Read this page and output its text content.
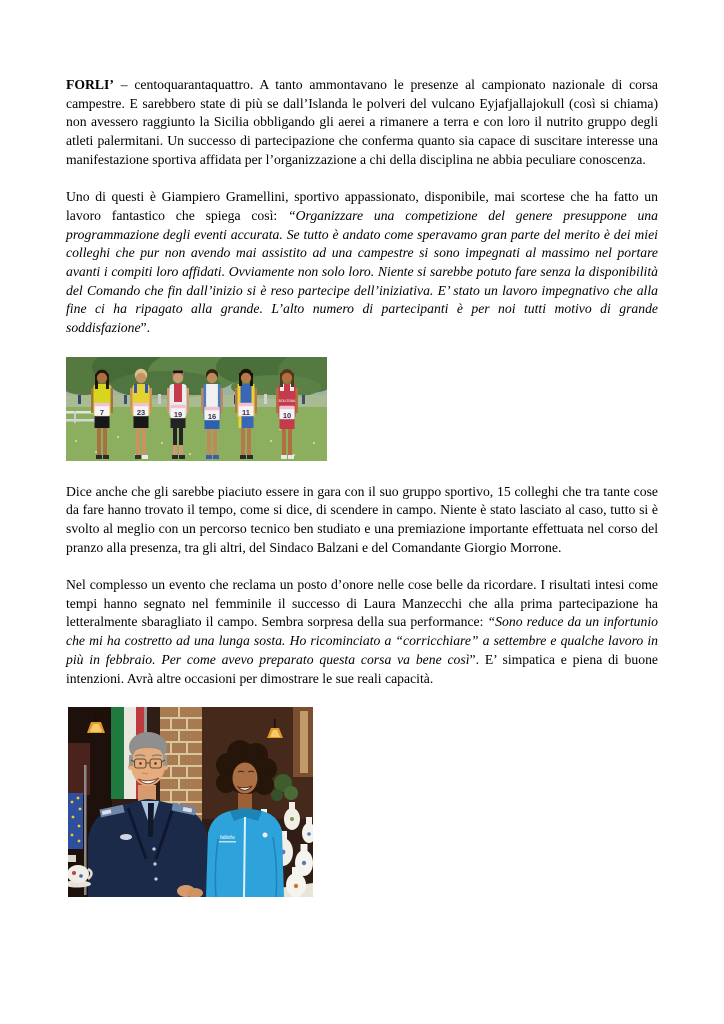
FORLI’ – centoquarantaquattro. A tanto ammontavano le presenze al campionato nazionale di corsa campestre. E sarebbero state di più se dall’Islanda le polveri del vulcano Eyjafjallajokull (così si chiama) non avessero raggiunto la Sicilia obbligando gli aerei a rimanere a terra e con loro il nutrito gruppo degli atleti palermitani. Un successo di partecipazione che conferma quanto sia capace di suscitare interesse una manifestazione sportiva affidata per l’organizzazione a chi della disciplina ne abbia peculiare conoscenza.

Uno di questi è Giampiero Gramellini, sportivo appassionato, disponibile, mai scortese che ha fatto un lavoro fantastico che spiega così: “Organizzare una competizione del genere presuppone una programmazione degli eventi accurata. Se tutto è andato come speravamo gran parte del merito è dei miei colleghi che pur non avendo mai assistito ad una campestre si sono impegnati al massimo nel portare avanti i compiti loro affidati. Ovviamente non solo loro. Niente si sarebbe potuto fare senza la disponibilità del Comando che fin dall’inizio si è reso partecipe dell’iniziativa. E’ stato un lavoro impegnativo che alla fine ci ha ripagato alla grande. L’alto numero di partecipanti è per noi tutti motivo di grande soddisfazione”.

7	23	19	16	11
BOLOGNA
10

Dice anche che gli sarebbe piaciuto essere in gara con il suo gruppo sportivo, 15 colleghi che tra tante cose da fare hanno trovato il tempo, come si dice, di scendere in campo. Niente è stato lasciato al caso, tutto si è svolto al meglio con un percorso tecnico ben studiato e una premiazione importante effettuata nel corso del pranzo alla presenza, tra gli altri, del Sindaco Balzani e del Comandante Giorgio Morrone.

Nel complesso un evento che reclama un posto d’onore nelle cose belle da ricordare. I risultati intesi come tempi hanno segnato nel femminile il successo di Laura Manzecchi che alla prima partecipazione ha letteralmente sbaragliato il campo. Sembra sorpresa della sua performance: “Sono reduce da un infortunio che mi ha costretto ad una lunga sosta. Ho ricominciato a “corricchiare” a settembre e qualche lavoro in più in febbraio. Per come avevo preparato questa corsa va bene così”. E’ simpatica e piena di buone intenzioni. Avrà altre occasioni per dimostrare le sue reali capacità.

falletta
